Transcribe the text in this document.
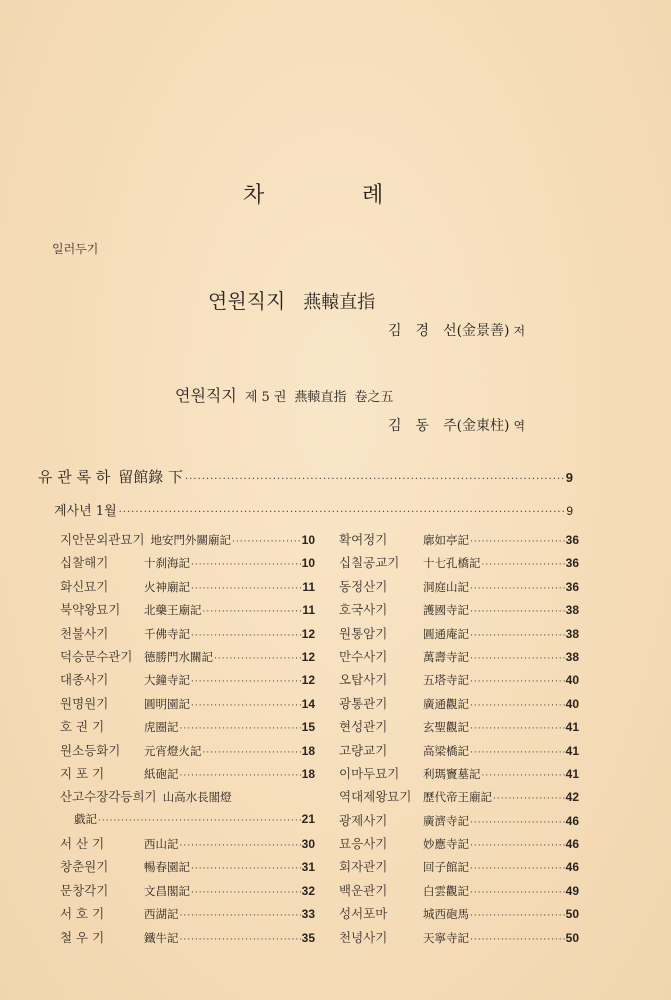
차	례
일러두기
연원직지 燕轅直指
김 경 선(金景善) 저
연원직지 제 5 권 燕轅直指 卷之五
김 동 주(金東柱) 역
유 관 록 하 留館錄 下 ·····	9
계사년 1월 ·····	9
지안문외관묘기 地安門外關廟記 ·····	10
십찰해기	十刹海記 ·····	10
화신묘기	火神廟記 ·····	11
북약왕묘기	北藥王廟記 ·····	11
천불사기	千佛寺記 ·····	12
덕승문수관기	德勝門水關記 ·····	12
대종사기	大鐘寺記 ·····	12
원명원기	圓明園記 ·····	14
호 권 기	虎圈記 ·····	15
원소등화기	元宵燈火記 ·····	18
지 포 기	紙砲記 ·····	18
산고수장각등희기 山高水長閣燈
戱記 ·····	21
서 산 기	西山記 ·····	30
창춘원기	暢春園記 ·····	31
문창각기	文昌閣記 ·····	32
서 호 기	西湖記 ·····	33
철 우 기	鐵牛記 ·····	35
확여정기	廓如亭記 ·····	36
십칠공교기	十七孔橋記 ·····	36
동정산기	洞庭山記 ·····	36
호국사기	護國寺記 ·····	38
원통암기	圓通庵記 ·····	38
만수사기	萬壽寺記 ·····	38
오탑사기	五塔寺記 ·····	40
광통관기	廣通觀記 ·····	40
현성관기	玄聖觀記 ·····	41
고량교기	高梁橋記 ·····	41
이마두묘기	利瑪竇墓記 ·····	41
역대제왕묘기	歷代帝王廟記 ·····	42
광제사기	廣濟寺記 ·····	46
묘응사기	妙應寺記 ·····	46
회자관기	回子館記 ·····	46
백운관기	白雲觀記 ·····	49
성서포마	城西砲馬 ·····	50
천녕사기	天寧寺記 ·····	50
